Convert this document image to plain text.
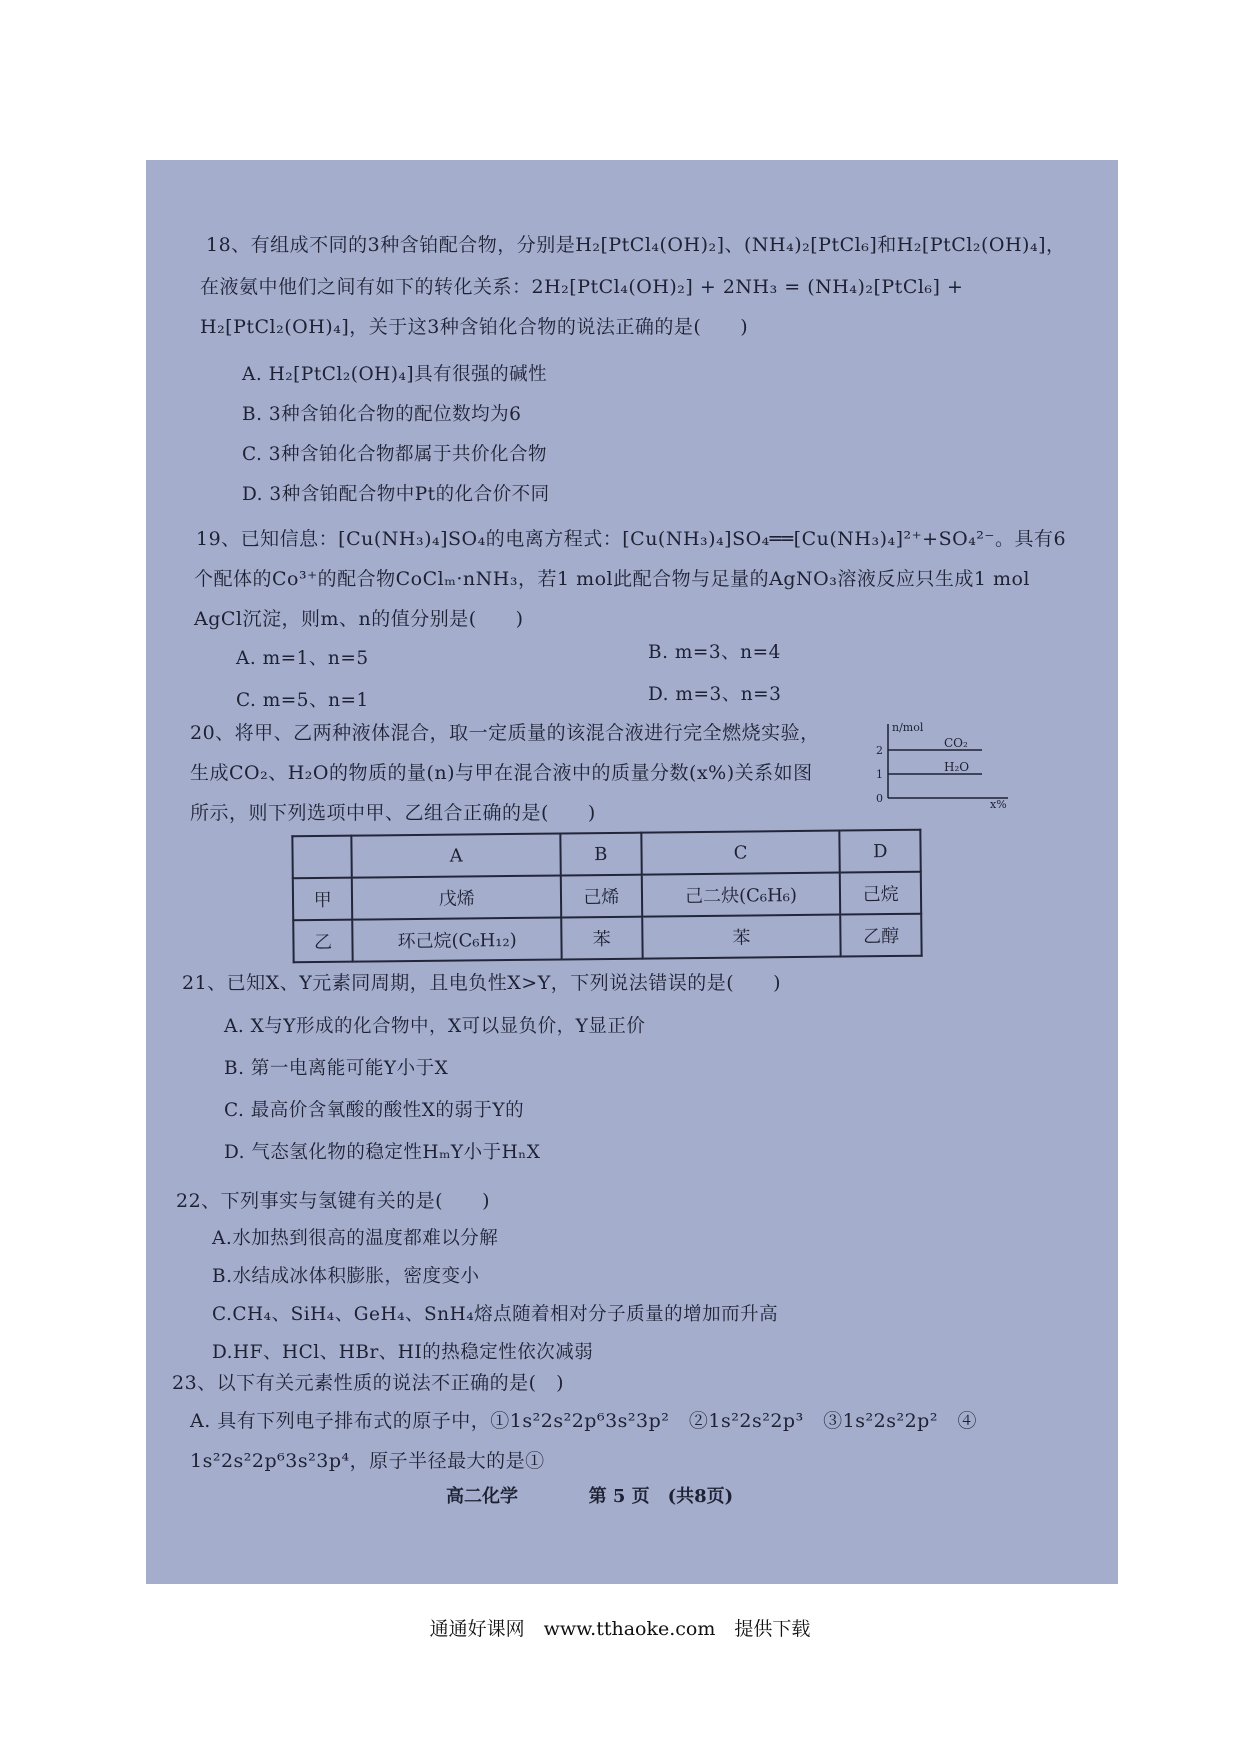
18、有组成不同的3种含铂配合物，分别是H₂[PtCl₄(OH)₂]、(NH₄)₂[PtCl₆]和H₂[PtCl₂(OH)₄]，
在液氨中他们之间有如下的转化关系：2H₂[PtCl₄(OH)₂] + 2NH₃ = (NH₄)₂[PtCl₆] +
H₂[PtCl₂(OH)₄]，关于这3种含铂化合物的说法正确的是(　　)
A. H₂[PtCl₂(OH)₄]具有很强的碱性
B. 3种含铂化合物的配位数均为6
C. 3种含铂化合物都属于共价化合物
D. 3种含铂配合物中Pt的化合价不同
19、已知信息：[Cu(NH₃)₄]SO₄的电离方程式：[Cu(NH₃)₄]SO₄══[Cu(NH₃)₄]²⁺+SO₄²⁻。具有6
个配体的Co³⁺的配合物CoClₘ·nNH₃，若1 mol此配合物与足量的AgNO₃溶液反应只生成1 mol
AgCl沉淀，则m、n的值分别是(　　)
A. m=1、n=5	B. m=3、n=4
C. m=5、n=1	D. m=3、n=3
20、将甲、乙两种液体混合，取一定质量的该混合液进行完全燃烧实验，
生成CO₂、H₂O的物质的量(n)与甲在混合液中的质量分数(x%)关系如图
所示，则下列选项中甲、乙组合正确的是(　　)
n/mol
x%
0
1
2
CO₂
H₂O
	A	B	C	D
甲	戊烯	己烯	己二炔(C₆H₆)	己烷
乙	环己烷(C₆H₁₂)	苯	苯	乙醇
21、已知X、Y元素同周期，且电负性X>Y，下列说法错误的是(　　)
A. X与Y形成的化合物中，X可以显负价，Y显正价
B. 第一电离能可能Y小于X
C. 最高价含氧酸的酸性X的弱于Y的
D. 气态氢化物的稳定性HₘY小于HₙX
22、下列事实与氢键有关的是(　　)
A.水加热到很高的温度都难以分解
B.水结成冰体积膨胀，密度变小
C.CH₄、SiH₄、GeH₄、SnH₄熔点随着相对分子质量的增加而升高
D.HF、HCl、HBr、HI的热稳定性依次减弱
23、以下有关元素性质的说法不正确的是(　)
A. 具有下列电子排布式的原子中，①1s²2s²2p⁶3s²3p²　②1s²2s²2p³　③1s²2s²2p²　④
1s²2s²2p⁶3s²3p⁴，原子半径最大的是①
高二化学	第 5 页　(共8页)
通通好课网　www.tthaoke.com　提供下载
